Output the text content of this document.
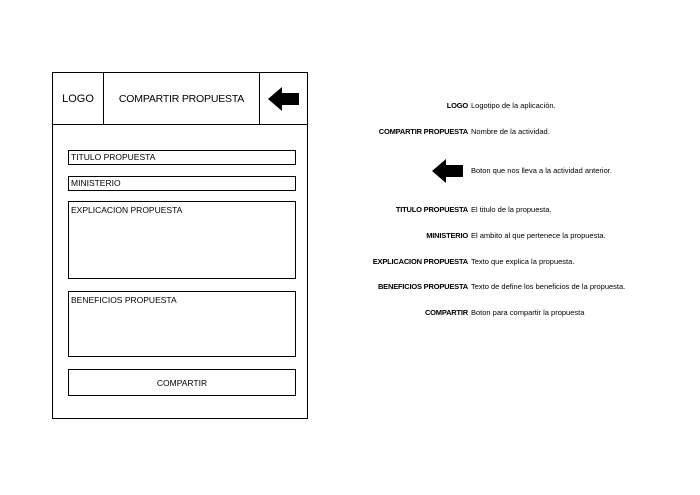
LOGO COMPARTIR PROPUESTA
TITULO PROPUESTA
MINISTERIO
EXPLICACION PROPUESTA
BENEFICIOS PROPUESTA
COMPARTIR
LOGO Logotipo de la aplicación.
COMPARTIR PROPUESTA Nombre de la actividad.
Boton que nos lleva a la actividad anterior.
TITULO PROPUESTA El titulo de la propuesta.
MINISTERIO El ambito al que pertenece la propuesta.
EXPLICACION PROPUESTA Texto que explica la propuesta.
BENEFICIOS PROPUESTA Texto de define los beneficios de la propuesta.
COMPARTIR Boton para compartir la propuesta
